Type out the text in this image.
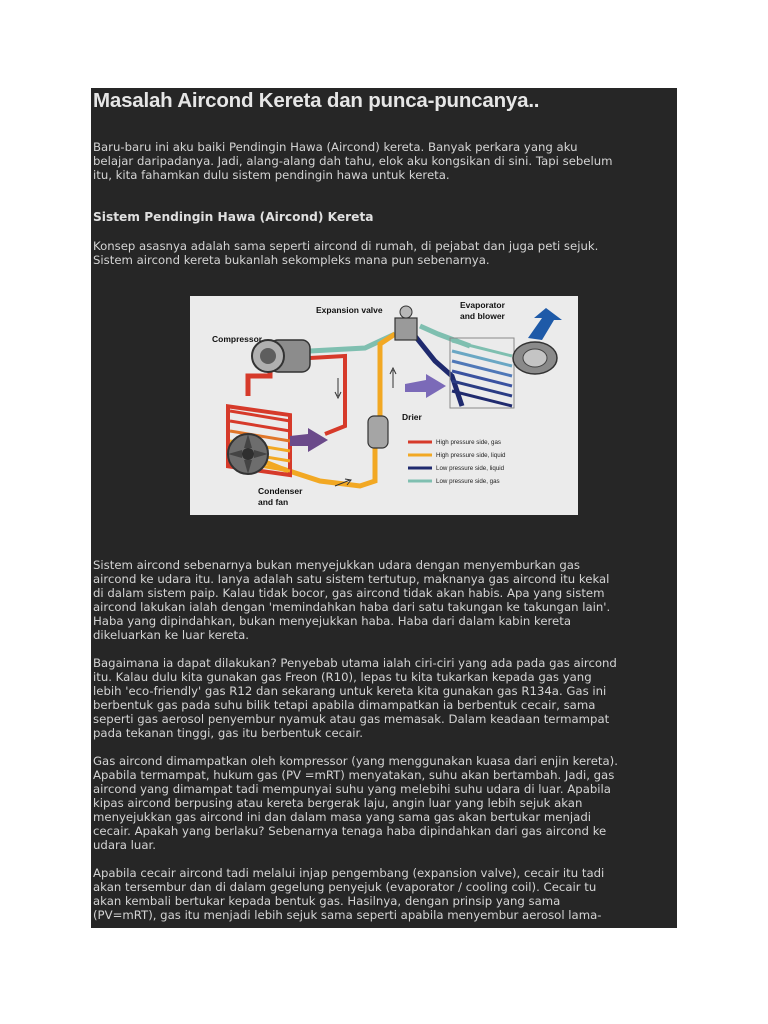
Masalah Aircond Kereta dan punca-puncanya..
Baru-baru ini aku baiki Pendingin Hawa (Aircond) kereta. Banyak perkara yang aku
belajar daripadanya. Jadi, alang-alang dah tahu, elok aku kongsikan di sini. Tapi sebelum
itu, kita fahamkan dulu sistem pendingin hawa untuk kereta.

Sistem Pendingin Hawa (Aircond) Kereta

Konsep asasnya adalah sama seperti aircond di rumah, di pejabat dan juga peti sejuk.
Sistem aircond kereta bukanlah sekompleks mana pun sebenarnya.
Expansion valve	Evaporator
and blower
Compressor
Drier
Condenser
and fan
High pressure side, gas
High pressure side, liquid
Low pressure side, liquid
Low pressure side, gas
Sistem aircond sebenarnya bukan menyejukkan udara dengan menyemburkan gas
aircond ke udara itu. Ianya adalah satu sistem tertutup, maknanya gas aircond itu kekal
di dalam sistem paip. Kalau tidak bocor, gas aircond tidak akan habis. Apa yang sistem
aircond lakukan ialah dengan 'memindahkan haba dari satu takungan ke takungan lain'.
Haba yang dipindahkan, bukan menyejukkan haba. Haba dari dalam kabin kereta
dikeluarkan ke luar kereta.
Bagaimana ia dapat dilakukan? Penyebab utama ialah ciri-ciri yang ada pada gas aircond
itu. Kalau dulu kita gunakan gas Freon (R10), lepas tu kita tukarkan kepada gas yang
lebih 'eco-friendly' gas R12 dan sekarang untuk kereta kita gunakan gas R134a. Gas ini
berbentuk gas pada suhu bilik tetapi apabila dimampatkan ia berbentuk cecair, sama
seperti gas aerosol penyembur nyamuk atau gas memasak. Dalam keadaan termampat
pada tekanan tinggi, gas itu berbentuk cecair.
Gas aircond dimampatkan oleh kompressor (yang menggunakan kuasa dari enjin kereta).
Apabila termampat, hukum gas (PV =mRT) menyatakan, suhu akan bertambah. Jadi, gas
aircond yang dimampat tadi mempunyai suhu yang melebihi suhu udara di luar. Apabila
kipas aircond berpusing atau kereta bergerak laju, angin luar yang lebih sejuk akan
menyejukkan gas aircond ini dan dalam masa yang sama gas akan bertukar menjadi
cecair. Apakah yang berlaku? Sebenarnya tenaga haba dipindahkan dari gas aircond ke
udara luar.
Apabila cecair aircond tadi melalui injap pengembang (expansion valve), cecair itu tadi
akan tersembur dan di dalam gegelung penyejuk (evaporator / cooling coil). Cecair tu
akan kembali bertukar kepada bentuk gas. Hasilnya, dengan prinsip yang sama
(PV=mRT), gas itu menjadi lebih sejuk sama seperti apabila menyembur aerosol lama-
